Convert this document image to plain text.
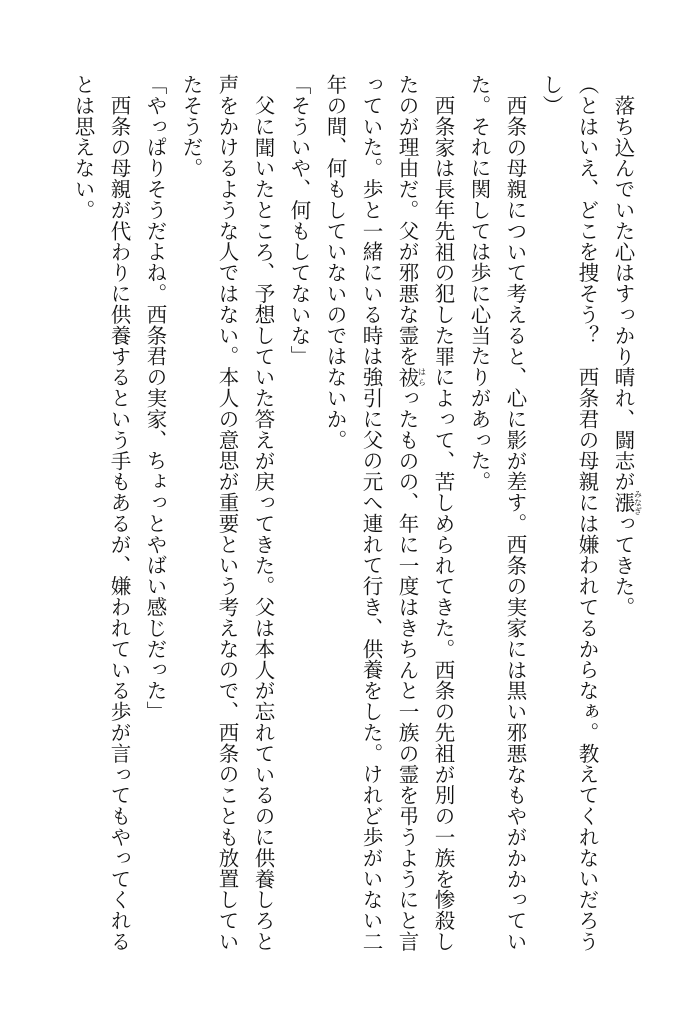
落ち込んでいた心はすっかり晴れ、闘志が漲みなぎってきた。

（とはいえ、どこを捜そう？　西条君の母親には嫌われてるからなぁ。教えてくれないだろうし）

西条の母親について考えると、心に影が差す。西条の実家には黒い邪悪なもやがかかっていた。それに関しては歩に心当たりがあった。

西条家は長年先祖の犯した罪によって、苦しめられてきた。西条の先祖が別の一族を惨殺したのが理由だ。父が邪悪な霊を祓はらったものの、年に一度はきちんと一族の霊を弔うようにと言っていた。歩と一緒にいる時は強引に父の元へ連れて行き、供養をした。けれど歩がいない二年の間、何もしていないのではないか。

「そういや、何もしてないな」

父に聞いたところ、予想していた答えが戻ってきた。父は本人が忘れているのに供養しろと声をかけるような人ではない。本人の意思が重要という考えなので、西条のことも放置していたそうだ。

「やっぱりそうだよね。西条君の実家、ちょっとやばい感じだった」

西条の母親が代わりに供養するという手もあるが、嫌われている歩が言ってもやってくれるとは思えない。
